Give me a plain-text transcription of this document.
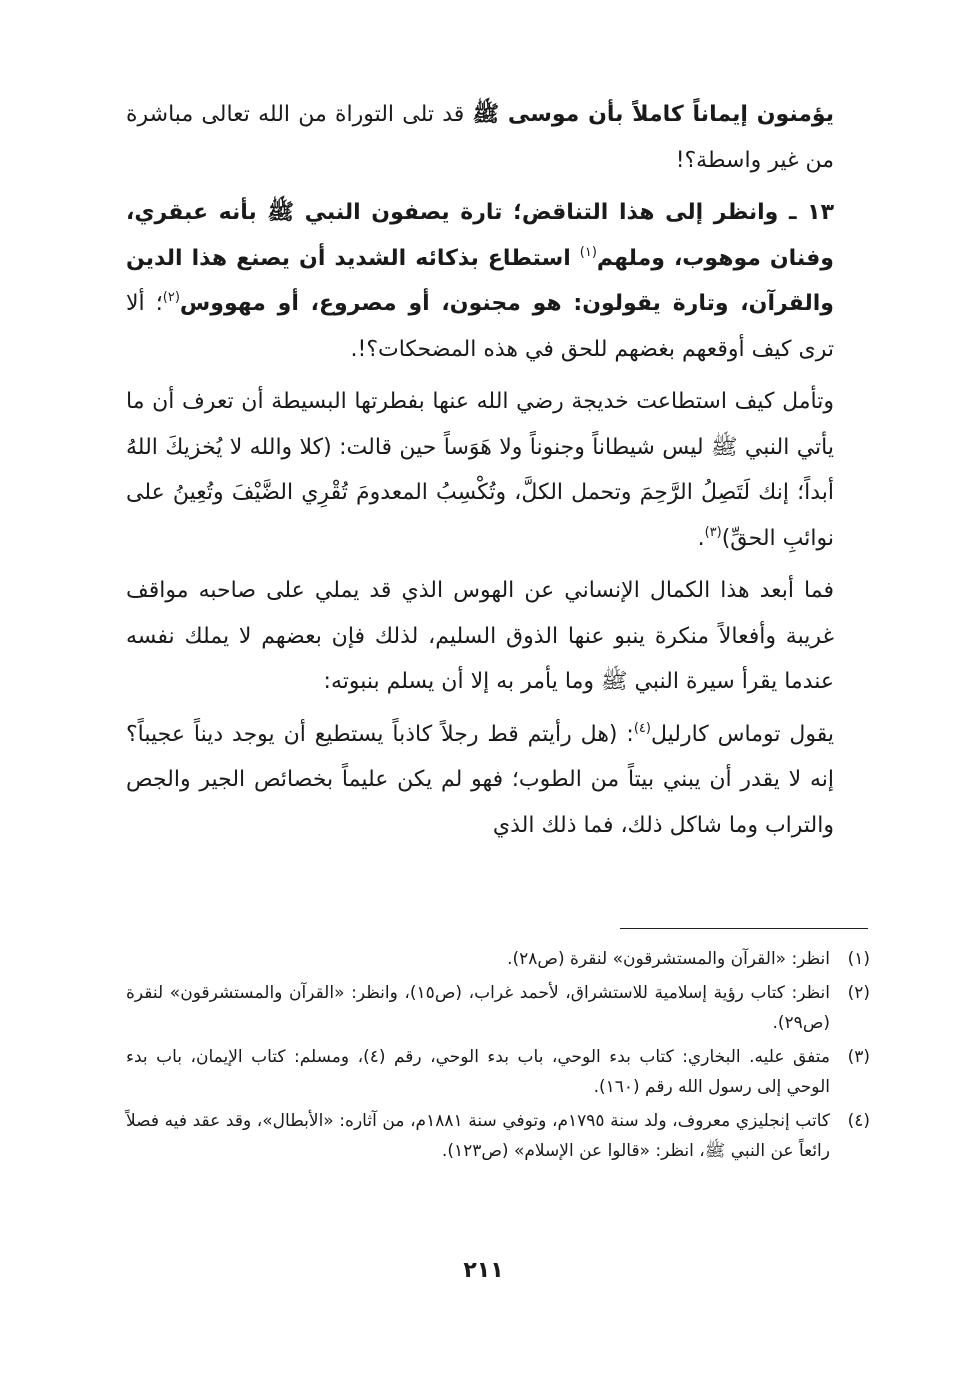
يؤمنون إيماناً كاملاً بأن موسى ﷺ قد تلى التوراة من الله تعالى مباشرة من غير واسطة؟!

١٣ ـ وانظر إلى هذا التناقض؛ تارة يصفون النبي ﷺ بأنه عبقري، وفنان موهوب، وملهم$^{(١)}$ استطاع بذكائه الشديد أن يصنع هذا الدين والقرآن، وتارة يقولون: هو مجنون، أو مصروع، أو مهووس$^{(٢)}$؛ ألا ترى كيف أوقعهم بغضهم للحق في هذه المضحكات؟!.

وتأمل كيف استطاعت خديجة رضي الله عنها بفطرتها البسيطة أن تعرف أن ما يأتي النبي ﷺ ليس شيطاناً وجنوناً ولا هَوَساً حين قالت: (كلا والله لا يُخزيكَ اللهُ أبداً؛ إنك لَتَصِلُ الرَّحِمَ وتحمل الكلَّ، وتُكْسِبُ المعدومَ تُقْرِي الضَّيْفَ وتُعِينُ على نوائبِ الحقِّ)$^{(٣)}$.

فما أبعد هذا الكمال الإنساني عن الهوس الذي قد يملي على صاحبه مواقف غريبة وأفعالاً منكرة ينبو عنها الذوق السليم، لذلك فإن بعضهم لا يملك نفسه عندما يقرأ سيرة النبي ﷺ وما يأمر به إلا أن يسلم بنبوته:

يقول توماس كارليل$^{(٤)}$: (هل رأيتم قط رجلاً كاذباً يستطيع أن يوجد ديناً عجيباً؟ إنه لا يقدر أن يبني بيتاً من الطوب؛ فهو لم يكن عليماً بخصائص الجير والجص والتراب وما شاكل ذلك، فما ذلك الذي

(١)
انظر: «القرآن والمستشرقون» لنقرة (ص٢٨).
(٢)
انظر: كتاب رؤية إسلامية للاستشراق، لأحمد غراب، (ص١٥)، وانظر: «القرآن والمستشرقون» لنقرة (ص٢٩).
(٣)
متفق عليه. البخاري: كتاب بدء الوحي، باب بدء الوحي، رقم (٤)، ومسلم: كتاب الإيمان، باب بدء الوحي إلى رسول الله رقم (١٦٠).
(٤)
كاتب إنجليزي معروف، ولد سنة ١٧٩٥م، وتوفي سنة ١٨٨١م، من آثاره: «الأبطال»، وقد عقد فيه فصلاً رائعاً عن النبي ﷺ، انظر: «قالوا عن الإسلام» (ص١٢٣).
٢١١
